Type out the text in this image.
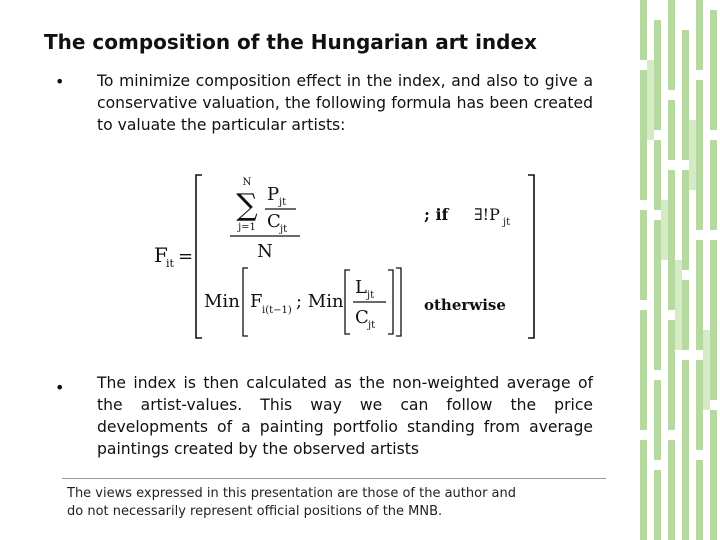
The composition of the Hungarian art index
• To minimize composition effect in the index, and also to give a conservative valuation, the following formula has been created to valuate the particular artists:
F
it =
N
∑
j=1
P jt
C jt
N
; if ∃!P jt
Min F i(t−1) ; Min
L jt
C jt
otherwise
• The index is then calculated as the non-weighted average of the artist-values. This way we can follow the price developments of a painting portfolio standing from average paintings created by the observed artists
The views expressed in this presentation are those of the author and
do not necessarily represent official positions of the MNB.
